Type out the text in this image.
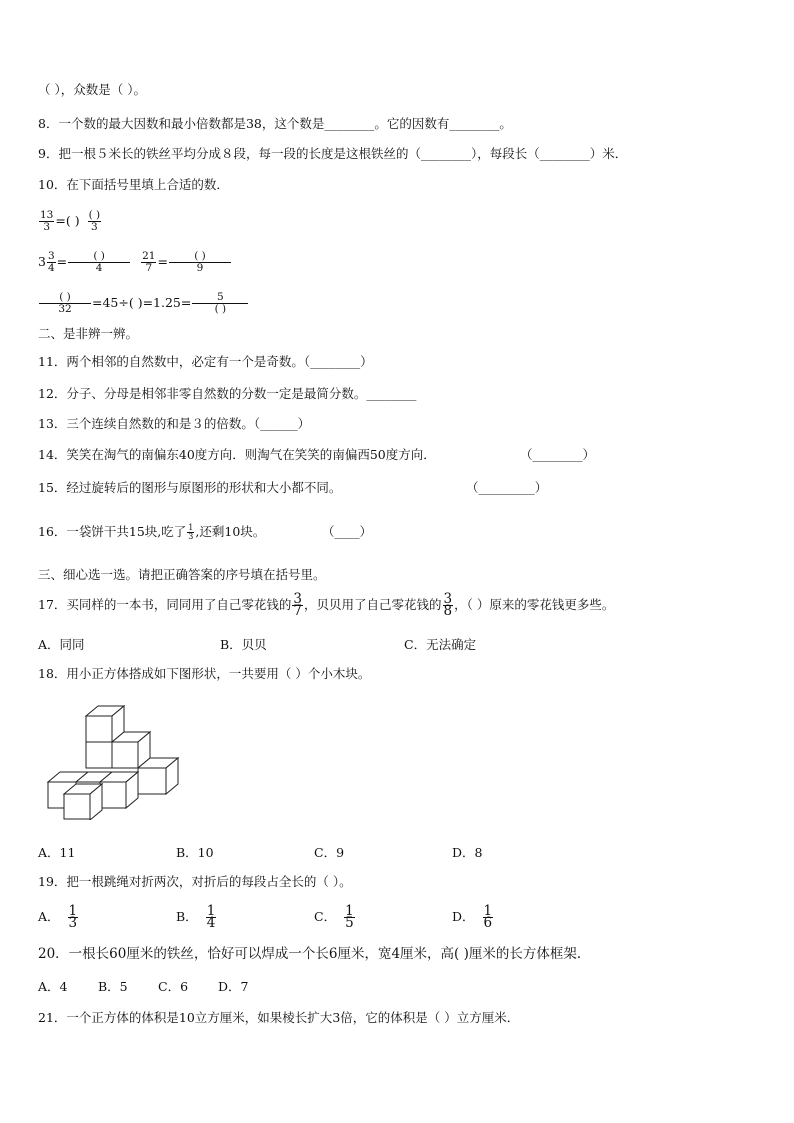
（ ），众数是（ ）。
8．一个数的最大因数和最小倍数都是38，这个数是________。它的因数有________。
9．把一根５米长的铁丝平均分成８段，每一段的长度是这根铁丝的（________），每段长（________）米．
10．在下面括号里填上合适的数．
$\frac{13}{3}$ =( ) $\frac{( )}{3}$
$3 \frac{3}{4} = \frac{( )}{4}$
$\frac{21}{7} = \frac{( )}{9}$
$\frac{( )}{32} =45\div$( )$=1.25= \frac{5}{( )}$
二、是非辨一辨。
11．两个相邻的自然数中，必定有一个是奇数。（________）
12．分子、分母是相邻非零自然数的分数一定是最简分数。________
13．三个连续自然数的和是３的倍数。（______）
14．笑笑在淘气的南偏东40度方向．则淘气在笑笑的南偏西50度方向．	（________）
15．经过旋转后的图形与原图形的形状和大小都不同。	（_________）
16．一袋饼干共15块,吃了 $\frac{1}{3}$ ,还剩10块。	（____）
三、细心选一选。请把正确答案的序号填在括号里。
17．买同样的一本书，同同用了自己零花钱的 $\frac{3}{7}$ ，贝贝用了自己零花钱的 $\frac{3}{8}$ ，（ ）原来的零花钱更多些。
A．同同	B．贝贝	C．无法确定
18．用小正方体搭成如下图形状，一共要用（ ）个小木块。
A．11	B．10	C．9	D．8
19．把一根跳绳对折两次，对折后的每段占全长的（ ）。
A． $\frac{1}{3}$	B． $\frac{1}{4}$	C． $\frac{1}{5}$	D． $\frac{1}{6}$
20．一根长60厘米的铁丝，恰好可以焊成一个长6厘米，宽4厘米，高( )厘米的长方体框架．
A．4 B．5 C．6 D．7
21．一个正方体的体积是10立方厘米，如果棱长扩大3倍，它的体积是（ ）立方厘米．
